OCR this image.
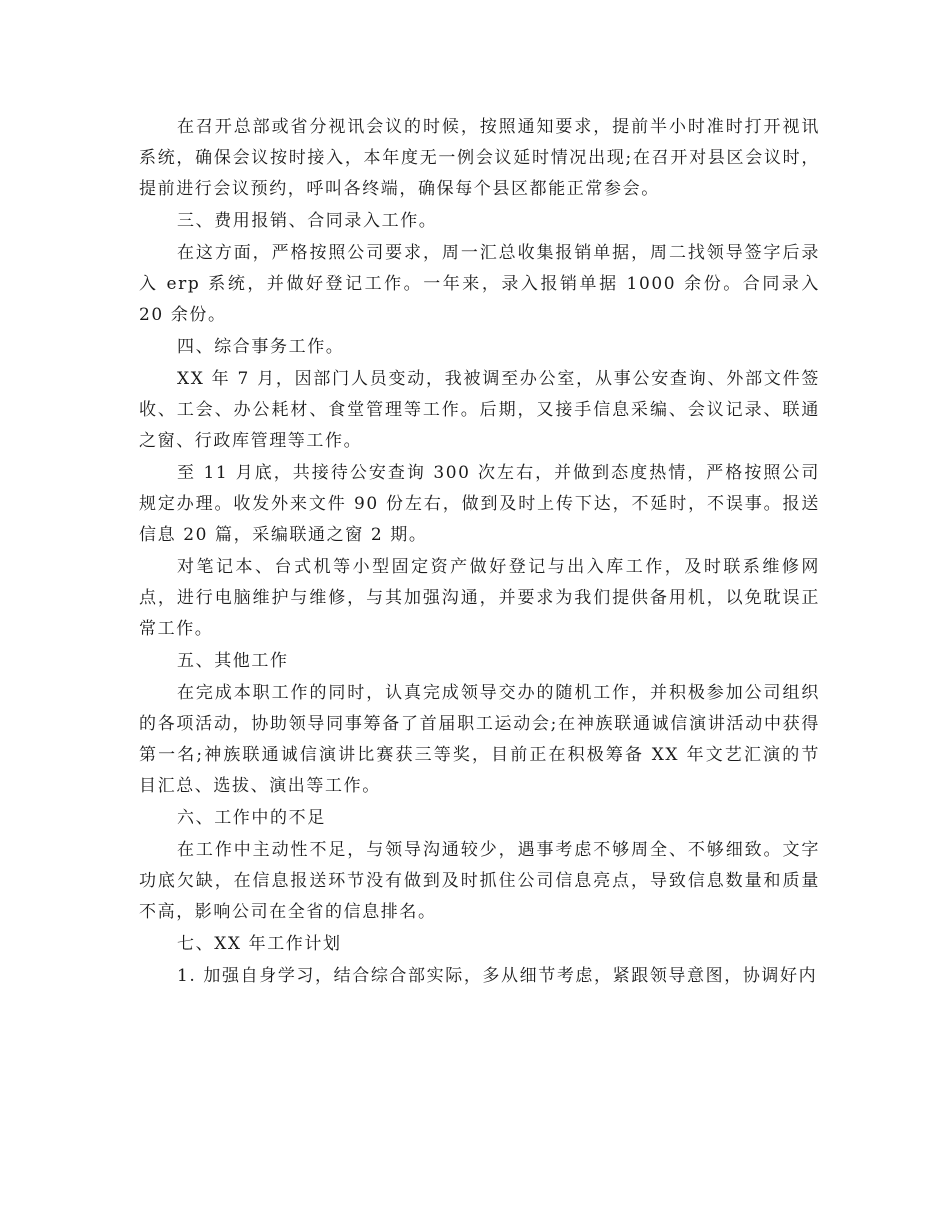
在召开总部或省分视讯会议的时候，按照通知要求，提前半小时准时打开视讯系统，确保会议按时接入，本年度无一例会议延时情况出现;在召开对县区会议时，提前进行会议预约，呼叫各终端，确保每个县区都能正常参会。

三、费用报销、合同录入工作。

在这方面，严格按照公司要求，周一汇总收集报销单据，周二找领导签字后录入 erp 系统，并做好登记工作。一年来，录入报销单据 1000 余份。合同录入 20 余份。

四、综合事务工作。

XX 年 7 月，因部门人员变动，我被调至办公室，从事公安查询、外部文件签收、工会、办公耗材、食堂管理等工作。后期，又接手信息采编、会议记录、联通之窗、行政库管理等工作。

至 11 月底，共接待公安查询 300 次左右，并做到态度热情，严格按照公司规定办理。收发外来文件 90 份左右，做到及时上传下达，不延时，不误事。报送信息 20 篇，采编联通之窗 2 期。

对笔记本、台式机等小型固定资产做好登记与出入库工作，及时联系维修网点，进行电脑维护与维修，与其加强沟通，并要求为我们提供备用机，以免耽误正常工作。

五、其他工作

在完成本职工作的同时，认真完成领导交办的随机工作，并积极参加公司组织的各项活动，协助领导同事筹备了首届职工运动会;在神族联通诚信演讲活动中获得第一名;神族联通诚信演讲比赛获三等奖，目前正在积极筹备 XX 年文艺汇演的节目汇总、选拔、演出等工作。

六、工作中的不足

在工作中主动性不足，与领导沟通较少，遇事考虑不够周全、不够细致。文字功底欠缺，在信息报送环节没有做到及时抓住公司信息亮点，导致信息数量和质量不高，影响公司在全省的信息排名。

七、XX 年工作计划

1. 加强自身学习，结合综合部实际，多从细节考虑，紧跟领导意图，协调好内
